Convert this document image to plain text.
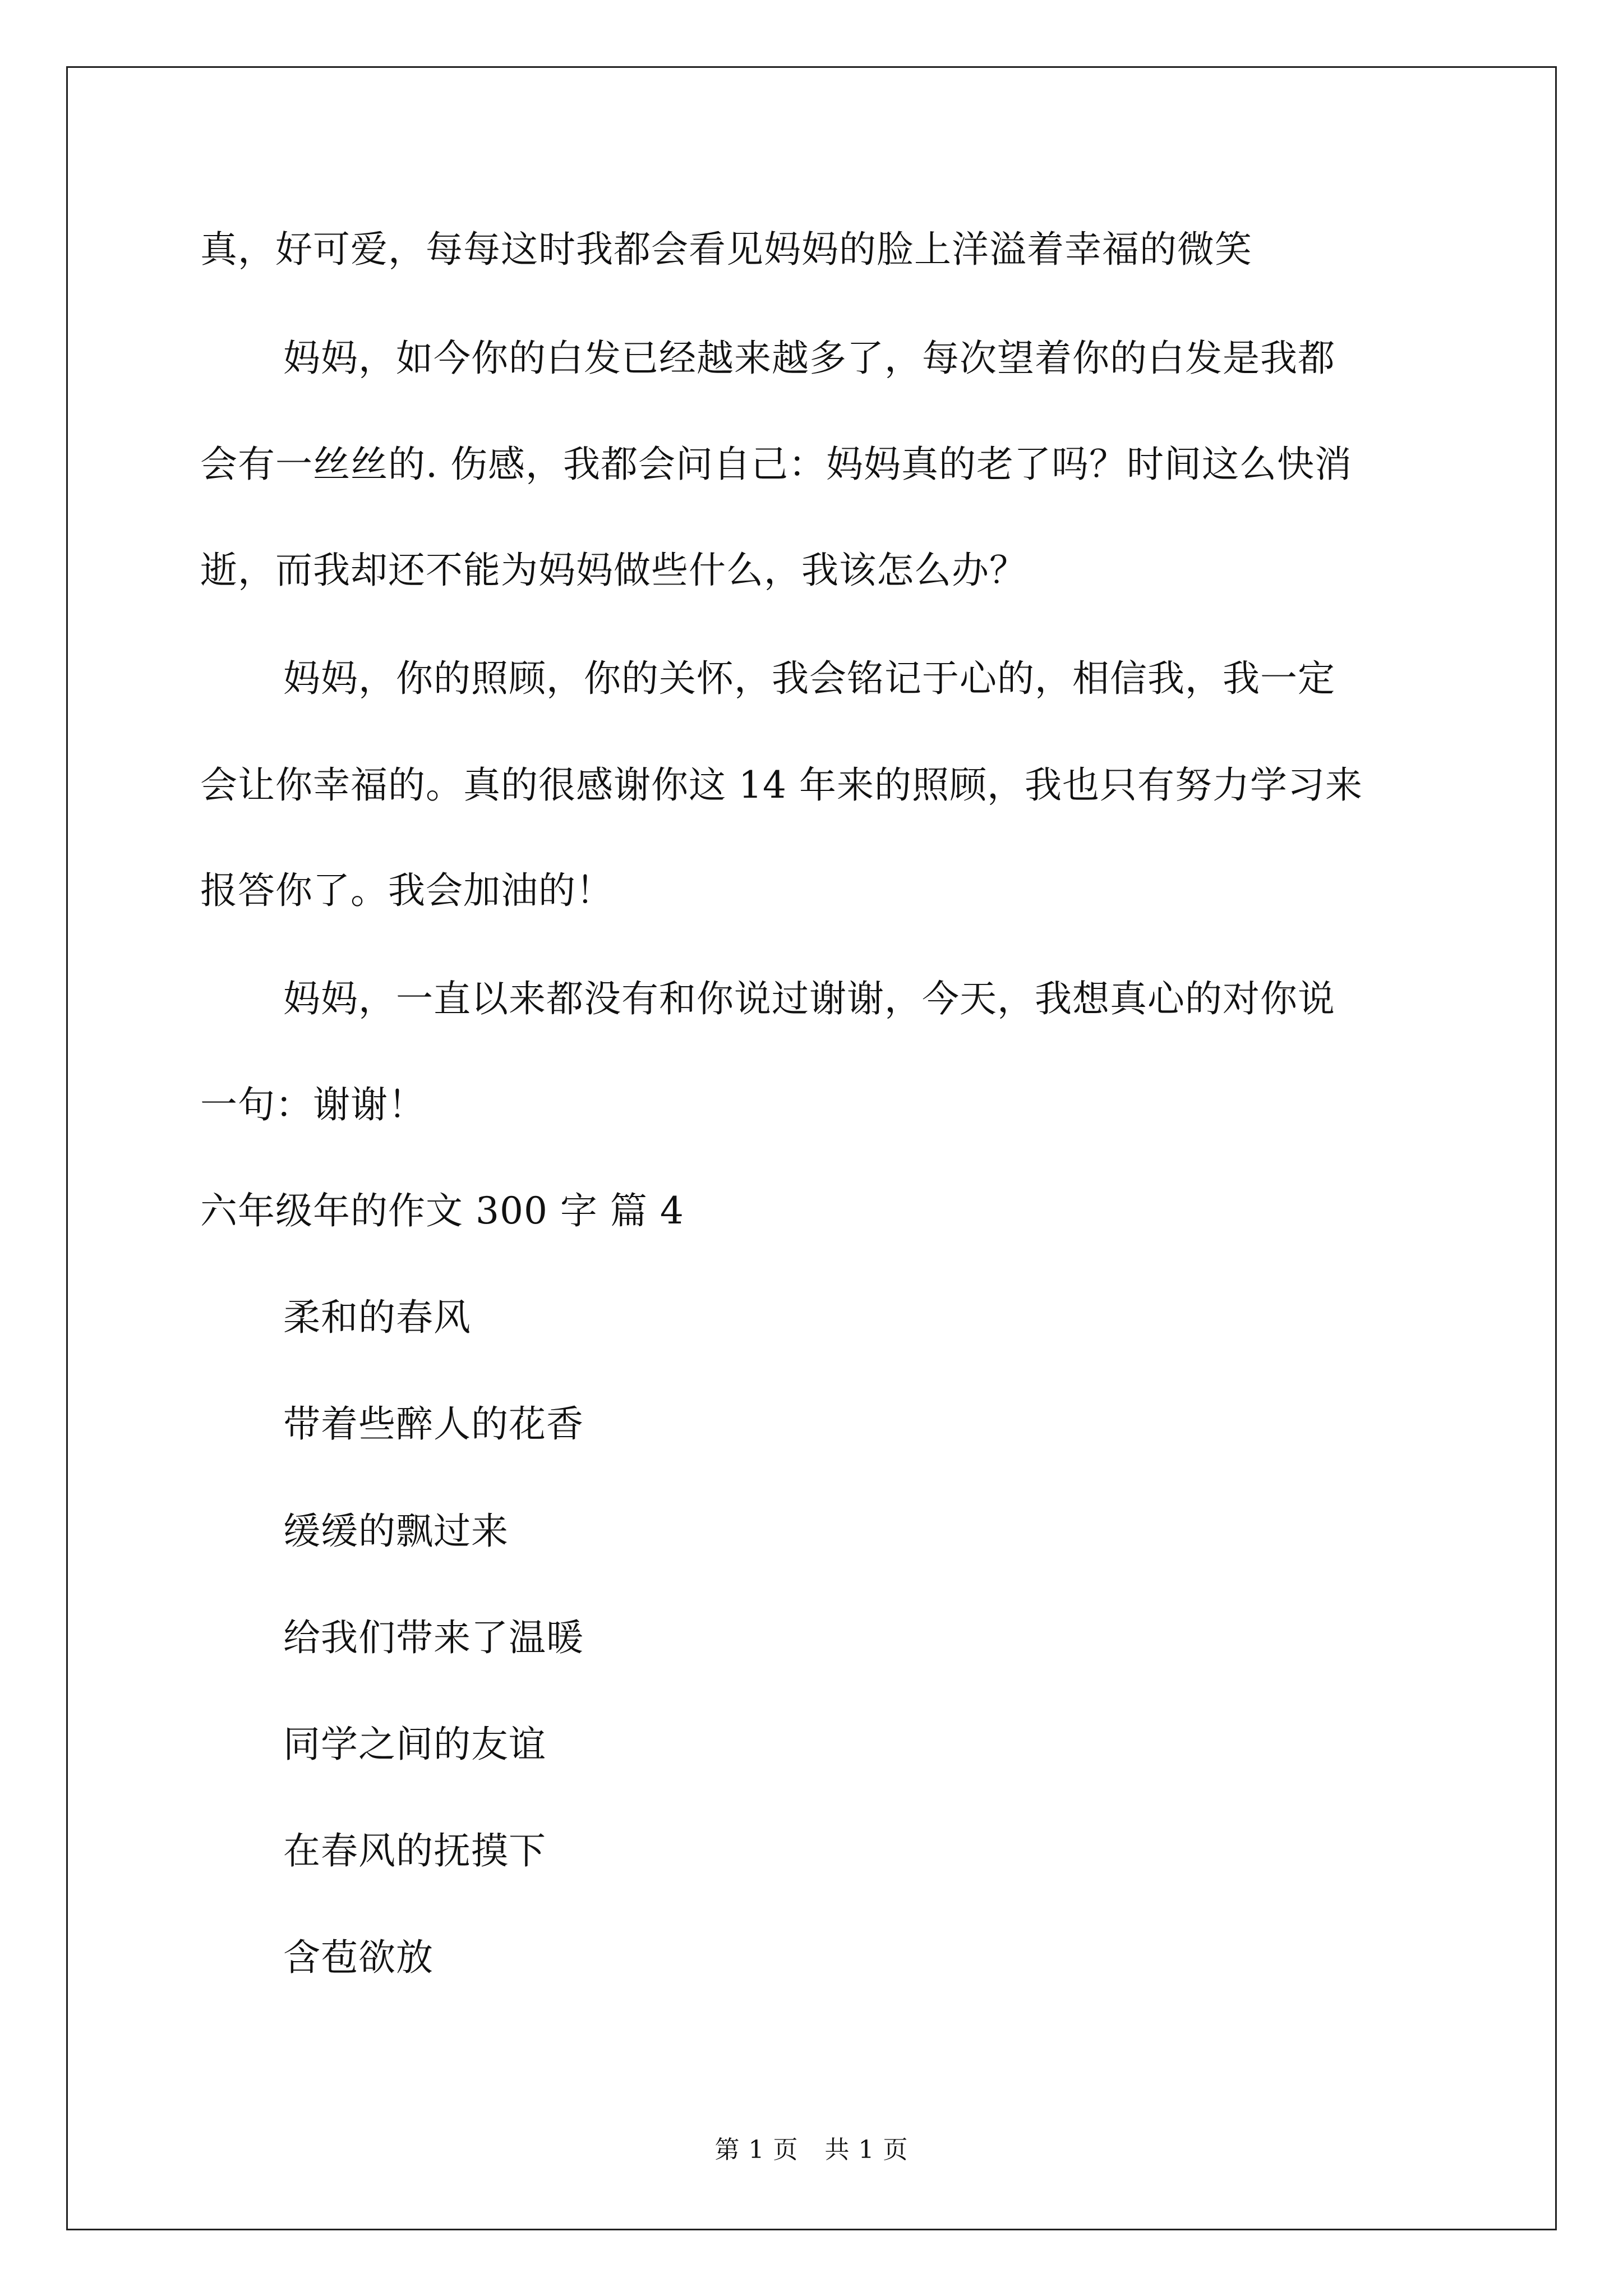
真，好可爱，每每这时我都会看见妈妈的脸上洋溢着幸福的微笑
妈妈，如今你的白发已经越来越多了，每次望着你的白发是我都
会有一丝丝的. 伤感，我都会问自己：妈妈真的老了吗？时间这么快消
逝，而我却还不能为妈妈做些什么，我该怎么办？
妈妈，你的照顾，你的关怀，我会铭记于心的，相信我，我一定
会让你幸福的。真的很感谢你这 14 年来的照顾，我也只有努力学习来
报答你了。我会加油的！
妈妈，一直以来都没有和你说过谢谢，今天，我想真心的对你说
一句：谢谢！
六年级年的作文 300 字 篇 4
柔和的春风
带着些醉人的花香
缓缓的飘过来
给我们带来了温暖
同学之间的友谊
在春风的抚摸下
含苞欲放
第 1 页 共 1 页
